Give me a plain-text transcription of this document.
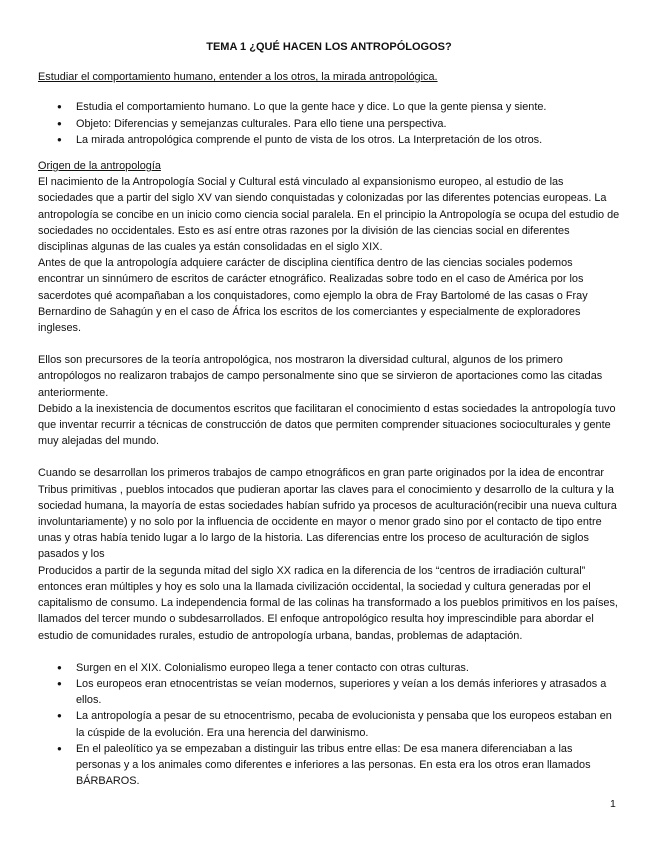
TEMA 1 ¿QUÉ HACEN LOS ANTROPÓLOGOS?
Estudiar el comportamiento humano, entender a los otros, la mirada antropológica.
● Estudia el comportamiento humano. Lo que la gente hace y dice. Lo que la gente piensa y siente.
● Objeto: Diferencias y semejanzas culturales. Para ello tiene una perspectiva.
● La mirada antropológica comprende el punto de vista de los otros. La Interpretación de los otros.
Origen de la antropología

El nacimiento de la Antropología Social y Cultural está vinculado al expansionismo europeo, al estudio de las sociedades que a partir del siglo XV van siendo conquistadas y colonizadas por las diferentes potencias europeas. La antropología se concibe en un inicio como ciencia social paralela. En el principio la Antropología se ocupa del estudio de sociedades no occidentales. Esto es así entre otras razones por la división de las ciencias social en diferentes disciplinas algunas de las cuales ya están consolidadas en el siglo XIX.

Antes de que la antropología adquiere carácter de disciplina científica dentro de las ciencias sociales podemos encontrar un sinnúmero de escritos de carácter etnográfico. Realizadas sobre todo en el caso de América por los sacerdotes qué acompañaban a los conquistadores, como ejemplo la obra de Fray Bartolomé de las casas o Fray Bernardino de Sahagún y en el caso de África los escritos de los comerciantes y especialmente de exploradores ingleses.

Ellos son precursores de la teoría antropológica, nos mostraron la diversidad cultural, algunos de los primero antropólogos no realizaron trabajos de campo personalmente sino que se sirvieron de aportaciones como las citadas anteriormente.

Debido a la inexistencia de documentos escritos que facilitaran el conocimiento d estas sociedades la antropología tuvo que inventar recurrir a técnicas de construcción de datos que permiten comprender situaciones socioculturales y gente muy alejadas del mundo.

Cuando se desarrollan los primeros trabajos de campo etnográficos en gran parte originados por la idea de encontrar Tribus primitivas , pueblos intocados que pudieran aportar las claves para el conocimiento y desarrollo de la cultura y la sociedad humana, la mayoría de estas sociedades habían sufrido ya procesos de aculturación(recibir una nueva cultura involuntariamente) y no solo por la influencia de occidente en mayor o menor grado sino por el contacto de tipo entre unas y otras había tenido lugar a lo largo de la historia. Las diferencias entre los proceso de aculturación de siglos pasados y los

Producidos a partir de la segunda mitad del siglo XX radica en la diferencia de los “centros de irradiación cultural” entonces eran múltiples y hoy es solo una la llamada civilización occidental, la sociedad y cultura generadas por el capitalismo de consumo. La independencia formal de las colinas ha transformado a los pueblos primitivos en los países, llamados del tercer mundo o subdesarrollados. El enfoque antropológico resulta hoy imprescindible para abordar el estudio de comunidades rurales, estudio de antropología urbana, bandas, problemas de adaptación.

● Surgen en el XIX. Colonialismo europeo llega a tener contacto con otras culturas.
● Los europeos eran etnocentristas se veían modernos, superiores y veían a los demás inferiores y atrasados a ellos.
● La antropología a pesar de su etnocentrismo, pecaba de evolucionista y pensaba que los europeos estaban en la cúspide de la evolución. Era una herencia del darwinismo.
● En el paleolítico ya se empezaban a distinguir las tribus entre ellas: De esa manera diferenciaban a las personas y a los animales como diferentes e inferiores a las personas. En esta era los otros eran llamados BÁRBAROS.
1
